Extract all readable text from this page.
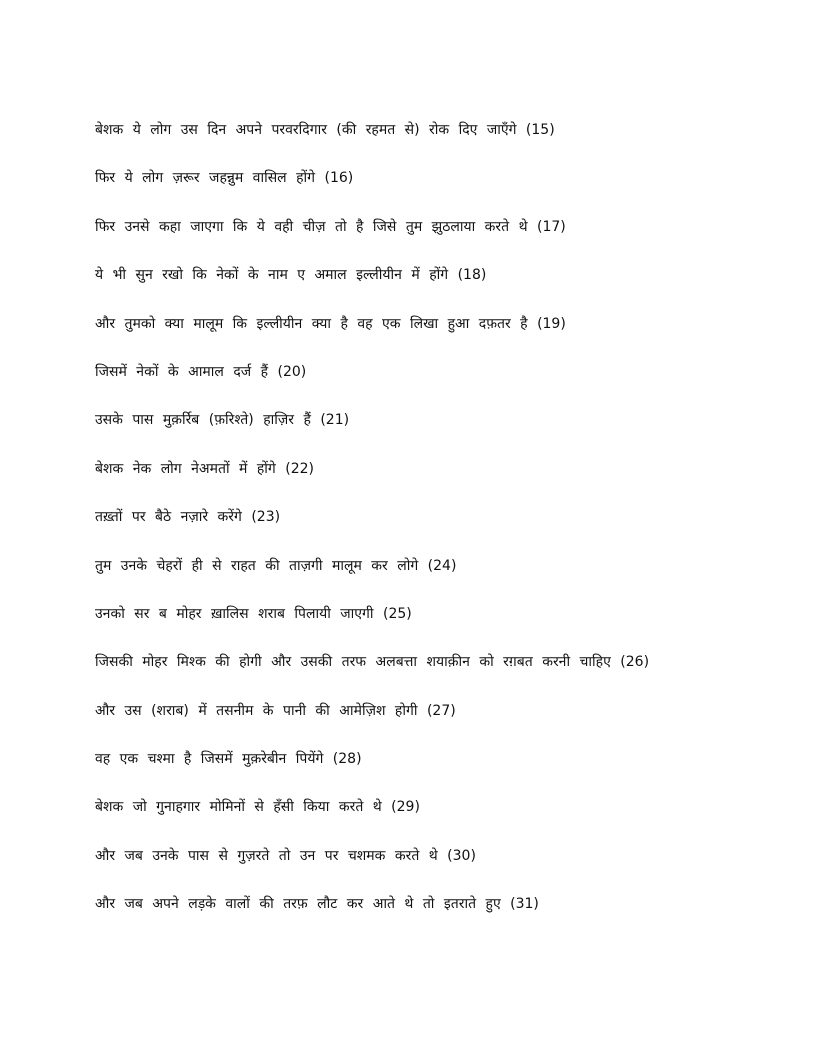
बेशक ये लोग उस दिन अपने परवरदिगार (की रहमत से) रोक दिए जाएँगे (15)
फिर ये लोग ज़रूर जहन्नुम वासिल होंगे (16)
फिर उनसे कहा जाएगा कि ये वही चीज़ तो है जिसे तुम झुठलाया करते थे (17)
ये भी सुन रखो कि नेकों के नाम ए अमाल इल्लीयीन में होंगे (18)
और तुमको क्या मालूम कि इल्लीयीन क्या है वह एक लिखा हुआ दफ़तर है (19)
जिसमें नेकों के आमाल दर्ज हैं (20)
उसके पास मुक़र्रिब (फ़रिश्ते) हाज़िर हैं (21)
बेशक नेक लोग नेअमतों में होंगे (22)
तख़्तों पर बैठे नज़ारे करेंगे (23)
तुम उनके चेहरों ही से राहत की ताज़गी मालूम कर लोगे (24)
उनको सर ब मोहर ख़ालिस शराब पिलायी जाएगी (25)
जिसकी मोहर मिश्क की होगी और उसकी तरफ अलबत्ता शयाक़ीन को रग़बत करनी चाहिए (26)
और उस (शराब) में तसनीम के पानी की आमेज़िश होगी (27)
वह एक चश्मा है जिसमें मुक़रेबीन पियेंगे (28)
बेशक जो गुनाहगार मोमिनों से हँसी किया करते थे (29)
और जब उनके पास से गुज़रते तो उन पर चशमक करते थे (30)
और जब अपने लड़के वालों की तरफ़ लौट कर आते थे तो इतराते हुए (31)
